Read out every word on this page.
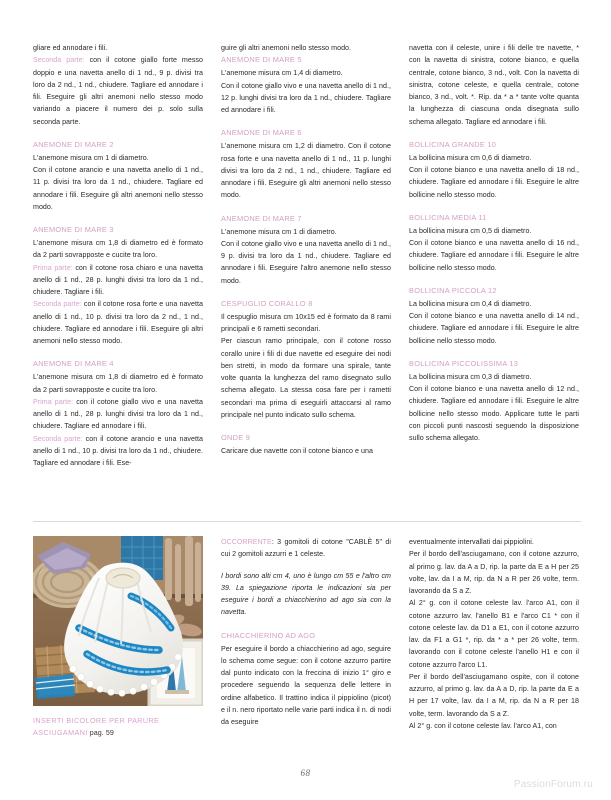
gliare ed annodare i fili.

Seconda parte: con il cotone giallo forte messo doppio e una navetta anello di 1 nd., 9 p. divisi tra loro da 2 nd., 1 nd., chiudere. Tagliare ed annodare i fili. Eseguire gli altri anemoni nello stesso modo variando a piacere il numero dei p. solo sulla seconda parte.

ANEMONE DI MARE 2

L'anemone misura cm 1 di diametro.

Con il cotone arancio e una navetta anello di 1 nd., 11 p. divisi tra loro da 1 nd., chiudere. Tagliare ed annodare i fili. Eseguire gli altri anemoni nello stesso modo.

ANEMONE DI MARE 3

L'anemone misura cm 1,8 di diametro ed è formato da 2 parti sovrapposte e cucite tra loro.

Prima parte: con il cotone rosa chiaro e una navetta anello di 1 nd., 28 p. lunghi divisi tra loro da 1 nd., chiudere. Tagliare i fili.

Seconda parte: con il cotone rosa forte e una navetta anello di 1 nd., 10 p. divisi tra loro da 2 nd., 1 nd., chiudere. Tagliare ed annodare i fili. Eseguire gli altri anemoni nello stesso modo.

ANEMONE DI MARE 4

L'anemone misura cm 1,8 di diametro ed è formato da 2 parti sovrapposte e cucite tra loro.

Prima parte: con il cotone giallo vivo e una navetta anello di 1 nd., 28 p. lunghi divisi tra loro da 1 nd., chiudere. Tagliare ed annodare i fili.

Seconda parte: con il cotone arancio e una navetta anello di 1 nd., 10 p. divisi tra loro da 1 nd., chiudere. Tagliare ed annodare i fili. Ese-

guire gli altri anemoni nello stesso modo.

ANEMONE DI MARE 5

L'anemone misura cm 1,4 di diametro.

Con il cotone giallo vivo e una navetta anello di 1 nd., 12 p. lunghi divisi tra loro da 1 nd., chiudere. Tagliare ed annodare i fili.

ANEMONE DI MARE 6

L'anemone misura cm 1,2 di diametro. Con il cotone rosa forte e una navetta anello di 1 nd., 11 p. lunghi divisi tra loro da 2 nd., 1 nd., chiudere. Tagliare ed annodare i fili. Eseguire gli altri anemoni nello stesso modo.

ANEMONE DI MARE 7

L'anemone misura cm 1 di diametro.

Con il cotone giallo vivo e una navetta anello di 1 nd., 9 p. divisi tra loro da 1 nd., chiudere. Tagliare ed annodare i fili. Eseguire l'altro anemone nello stesso modo.

CESPUGLIO CORALLO 8

Il cespuglio misura cm 10x15 ed è formato da 8 rami principali e 6 rametti secondari.

Per ciascun ramo principale, con il cotone rosso corallo unire i fili di due navette ed eseguire dei nodi ben stretti, in modo da formare una spirale, tante volte quanta la lunghezza del ramo disegnato sullo schema allegato. La stessa cosa fare per i rametti secondari ma prima di eseguirli attaccarsi al ramo principale nel punto indicato sullo schema.

ONDE 9

Caricare due navette con il cotone bianco e una

navetta con il celeste, unire i fili delle tre navette, * con la navetta di sinistra, cotone bianco, e quella centrale, cotone bianco, 3 nd., volt. Con la navetta di sinistra, cotone celeste, e quella centrale, cotone bianco, 3 nd., volt. *. Rip. da * a * tante volte quanta la lunghezza di ciascuna onda disegnata sullo schema allegato. Tagliare ed annodare i fili.

BOLLICINA GRANDE 10

La bollicina misura cm 0,6 di diametro.

Con il cotone bianco e una navetta anello di 18 nd., chiudere. Tagliare ed annodare i fili. Eseguire le altre bollicine nello stesso modo.

BOLLICINA MEDIA 11

La bollicina misura cm 0,5 di diametro.

Con il cotone bianco e una navetta anello di 16 nd., chiudere. Tagliare ed annodare i fili. Eseguire le altre bollicine nello stesso modo.

BOLLICINA PICCOLA 12

La bollicina misura cm 0,4 di diametro.

Con il cotone bianco e una navetta anello di 14 nd., chiudere. Tagliare ed annodare i fili. Eseguire le altre bollicine nello stesso modo.

BOLLICINA PICCOLISSIMA 13

La bollicina misura cm 0,3 di diametro.

Con il cotone bianco e una navetta anello di 12 nd., chiudere. Tagliare ed annodare i fili. Eseguire le altre bollicine nello stesso modo. Applicare tutte le parti con piccoli punti nascosti seguendo la disposizione sullo schema allegato.

INSERTI BICOLORE PER PARURE ASCIUGAMANI pag. 59

OCCORRENTE: 3 gomitoli di cotone "CABLÈ 5" di cui 2 gomitoli azzurri e 1 celeste.

I bordi sono alti cm 4, uno è lungo cm 55 e l'altro cm 39. La spiegazione riporta le indicazioni sia per eseguire i bordi a chiacchierino ad ago sia con la navetta.

CHIACCHIERINO AD AGO

Per eseguire il bordo a chiacchierino ad ago, seguire lo schema come segue: con il cotone azzurro partire dal punto indicato con la freccina di inizio 1° giro e procedere seguendo la sequenza delle lettere in ordine alfabetico. Il trattino indica il pippiolino (picot) e il n. nero riportato nelle varie parti indica il n. di nodi da eseguire

eventualmente intervallati dai pippiolini.

Per il bordo dell'asciugamano, con il cotone azzurro, al primo g. lav. da A a D, rip. la parte da E a H per 25 volte, lav. da I a M, rip. da N a R per 26 volte, term. lavorando da S a Z.

Al 2° g. con il cotone celeste lav. l'arco A1, con il cotone azzurro lav. l'anello B1 e l'arco C1 * con il cotone celeste lav. da D1 a E1, con il cotone azzurro lav. da F1 a G1 *, rip. da * a * per 26 volte, term. lavorando con il cotone celeste l'anello H1 e con il cotone azzurro l'arco L1.

Per il bordo dell'asciugamano ospite, con il cotone azzurro, al primo g. lav. da A a D, rip. la parte da E a H per 17 volte, lav. da I a M, rip. da N a R per 18 volte, term. lavorando da S a Z.

Al 2° g. con il cotone celeste lav. l'arco A1, con

68
PassionForum.ru
